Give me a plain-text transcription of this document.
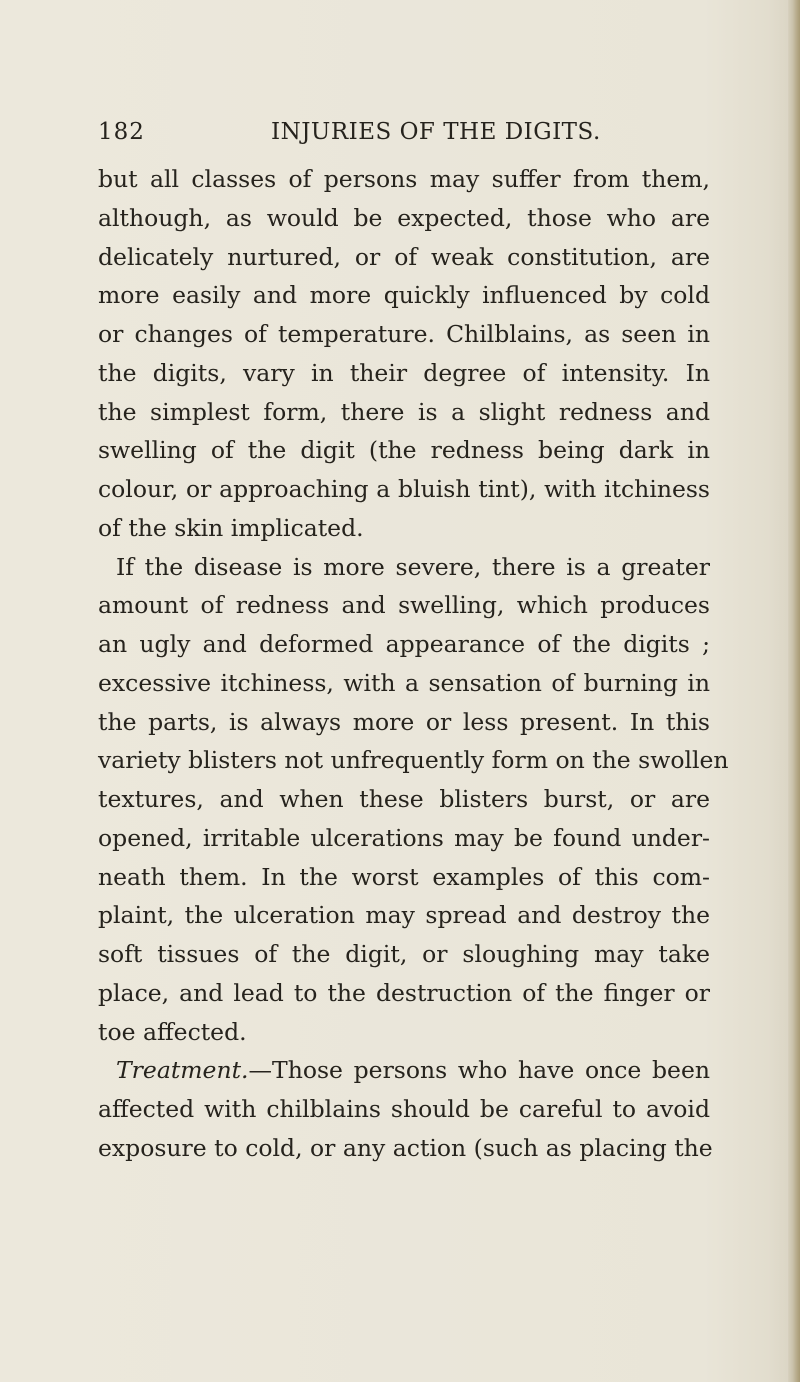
182	INJURIES OF THE DIGITS.
but all classes of persons may suffer from them,
although, as would be expected, those who are
delicately nurtured, or of weak constitution, are
more easily and more quickly influenced by cold
or changes of temperature. Chilblains, as seen in
the digits, vary in their degree of intensity. In
the simplest form, there is a slight redness and
swelling of the digit (the redness being dark in
colour, or approaching a bluish tint), with itchiness
of the skin implicated.
If the disease is more severe, there is a greater
amount of redness and swelling, which produces
an ugly and deformed appearance of the digits ;
excessive itchiness, with a sensation of burning in
the parts, is always more or less present. In this
variety blisters not unfrequently form on the swollen
textures, and when these blisters burst, or are
opened, irritable ulcerations may be found under-
neath them. In the worst examples of this com-
plaint, the ulceration may spread and destroy the
soft tissues of the digit, or sloughing may take
place, and lead to the destruction of the finger or
toe affected.
Treatment.—Those persons who have once been
affected with chilblains should be careful to avoid
exposure to cold, or any action (such as placing the
